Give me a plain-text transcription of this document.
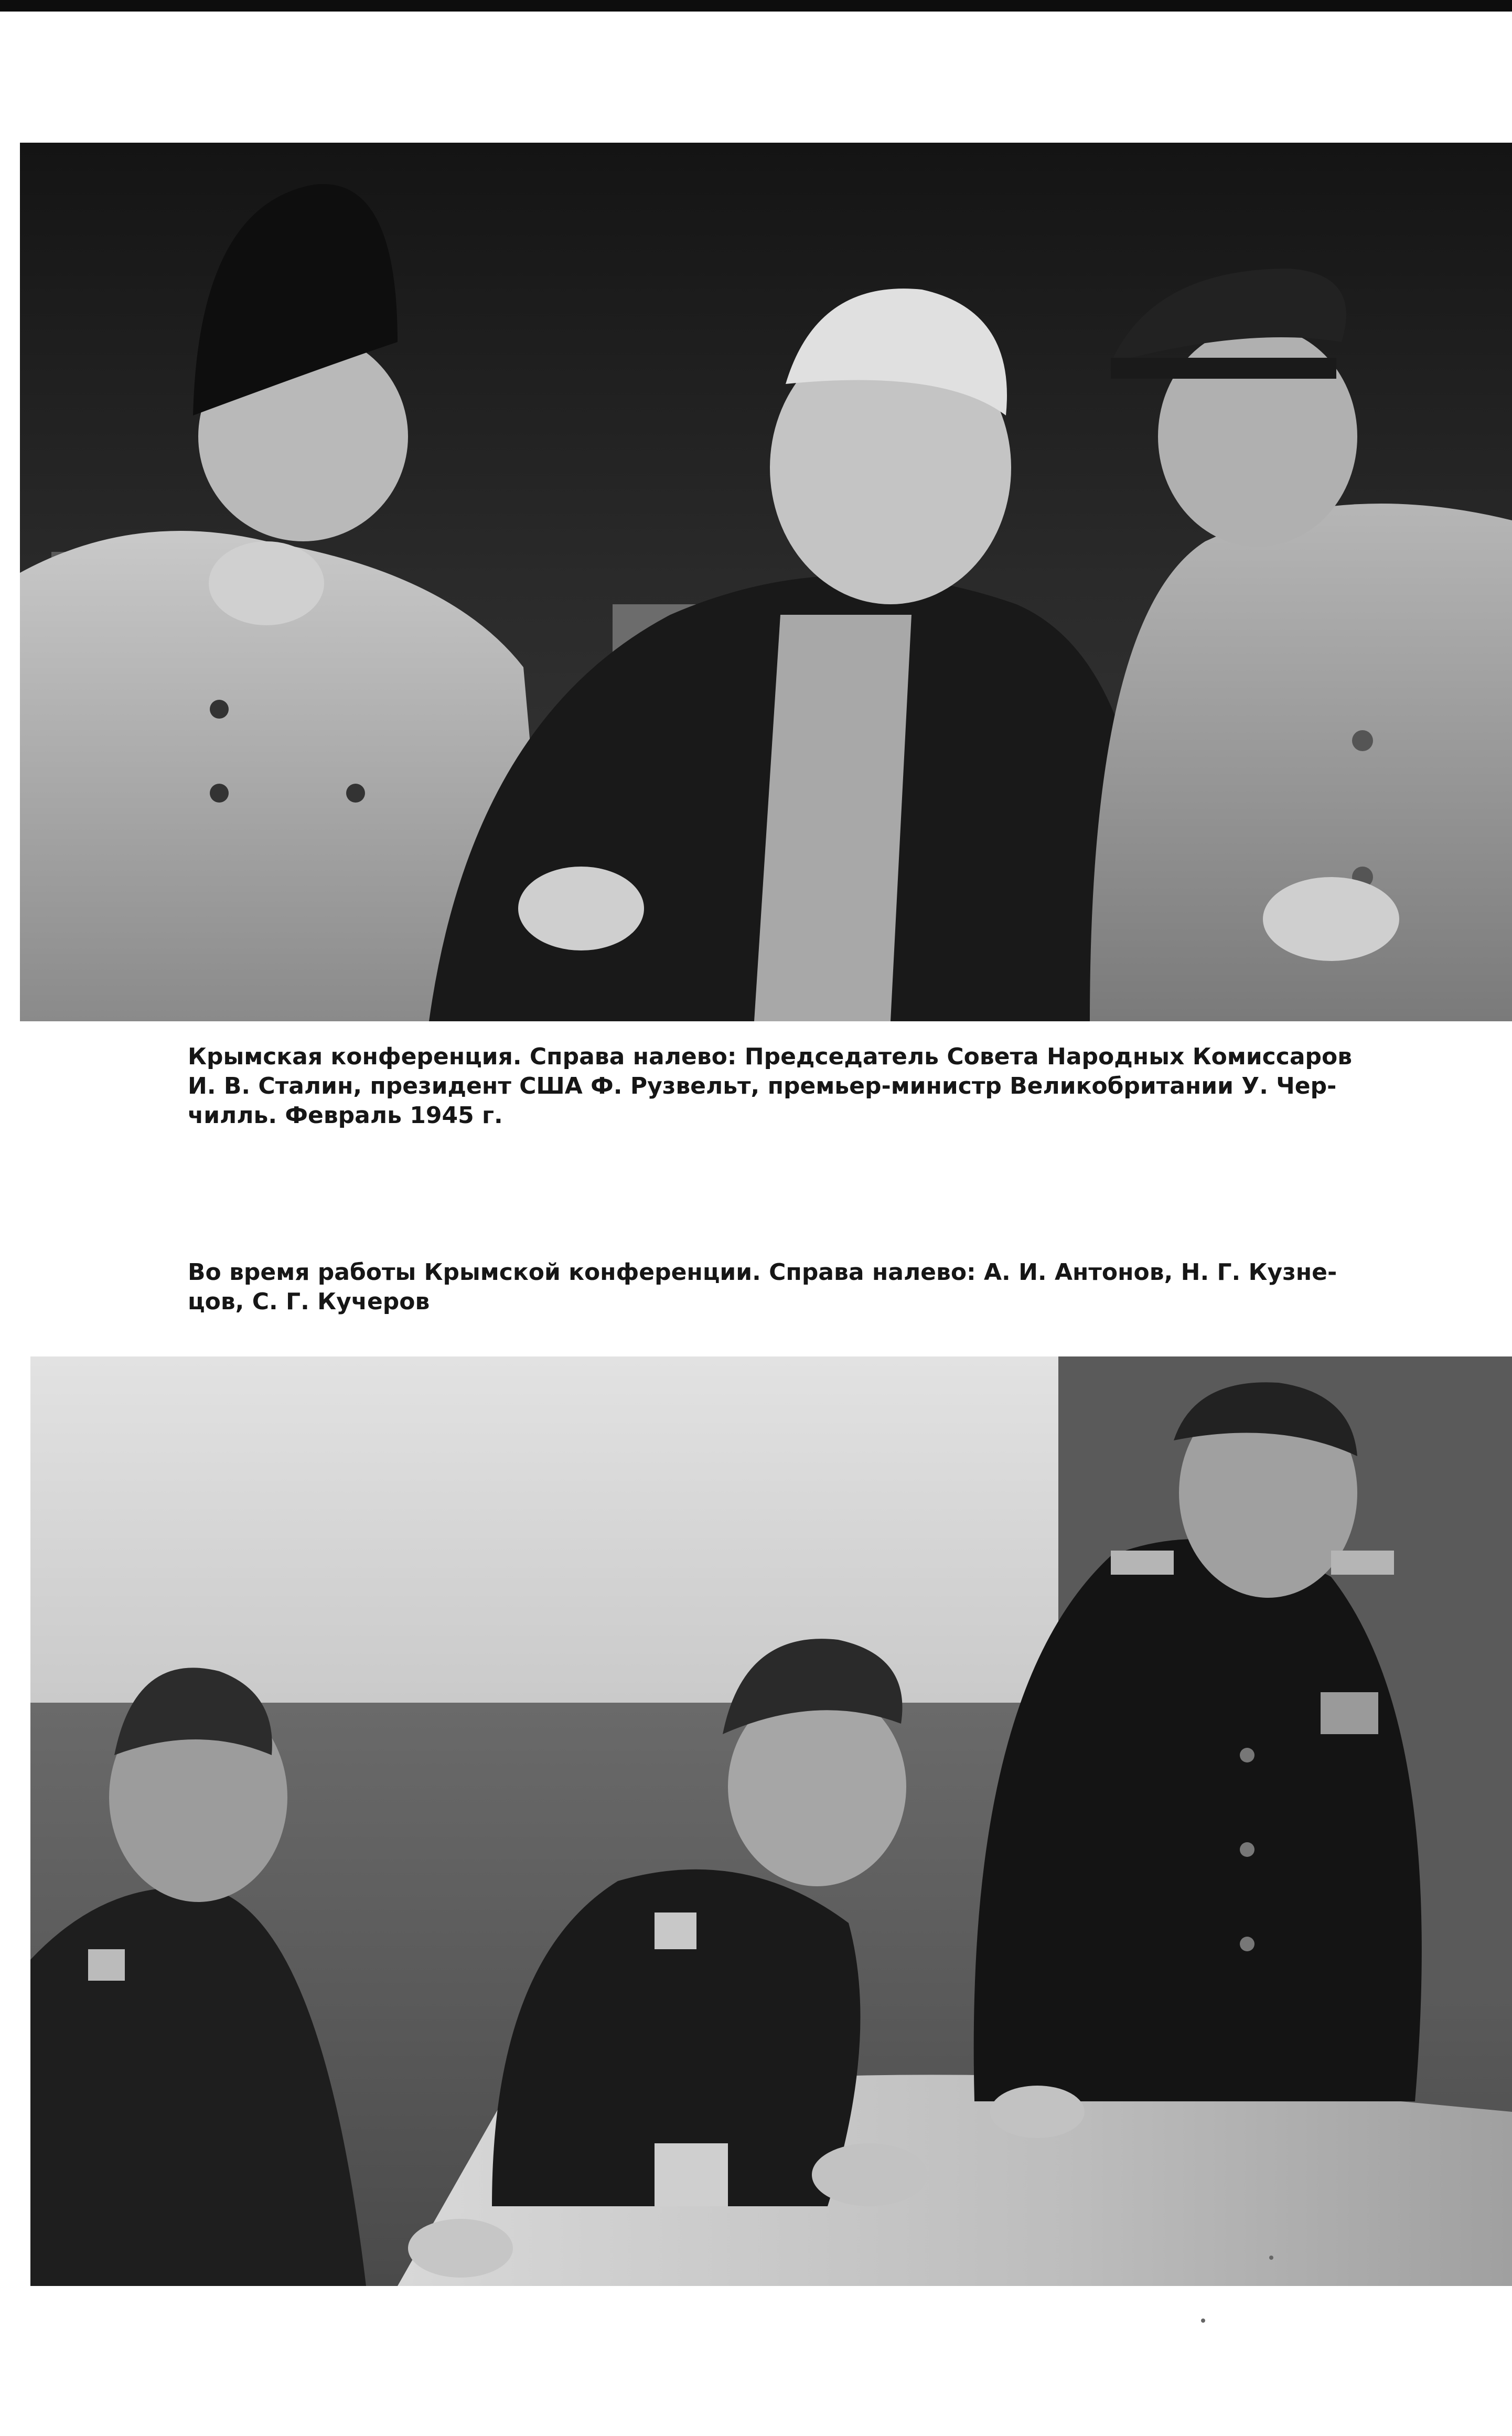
Крымская конференция. Справа налево: Председатель Совета Народных Комиссаров
И. В. Сталин, президент США Ф. Рузвельт, премьер-министр Великобритании У. Чер-
чилль. Февраль 1945 г.

Во время работы Крымской конференции. Справа налево: А. И. Антонов, Н. Г. Кузне-
цов, С. Г. Кучеров
